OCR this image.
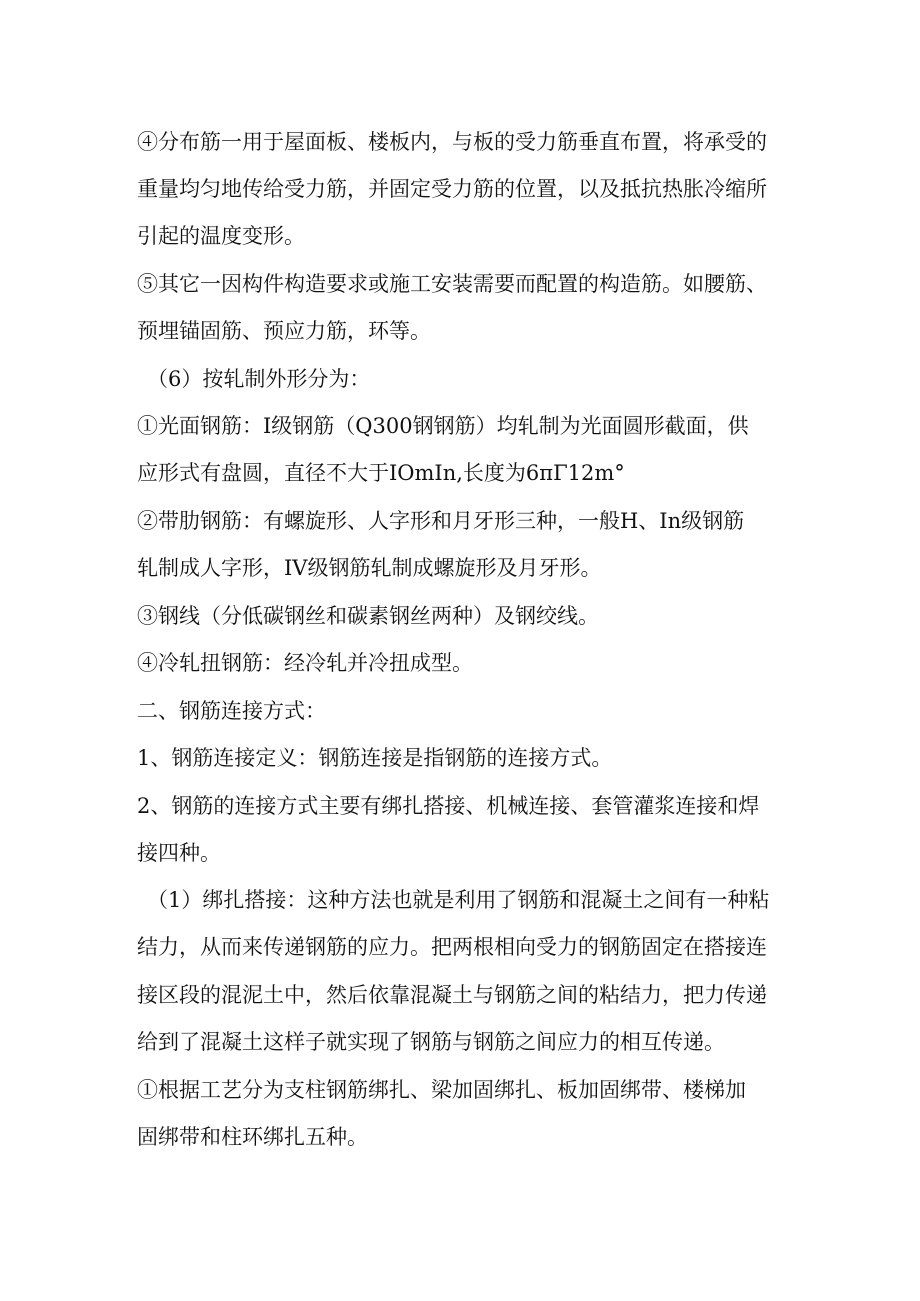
④分布筋一用于屋面板、楼板内，与板的受力筋垂直布置，将承受的
重量均匀地传给受力筋，并固定受力筋的位置，以及抵抗热胀冷缩所
引起的温度变形。
⑤其它一因构件构造要求或施工安装需要而配置的构造筋。如腰筋、
预埋锚固筋、预应力筋，环等。
（6）按轧制外形分为：
①光面钢筋：I级钢筋（Q300钢钢筋）均轧制为光面圆形截面，供
应形式有盘圆，直径不大于IOmIn,长度为6πΓ12m°
②带肋钢筋：有螺旋形、人字形和月牙形三种，一般H、In级钢筋
轧制成人字形，IV级钢筋轧制成螺旋形及月牙形。
③钢线（分低碳钢丝和碳素钢丝两种）及钢绞线。
④冷轧扭钢筋：经冷轧并冷扭成型。
二、钢筋连接方式：
1、钢筋连接定义：钢筋连接是指钢筋的连接方式。
2、钢筋的连接方式主要有绑扎搭接、机械连接、套管灌浆连接和焊
接四种。
（1）绑扎搭接：这种方法也就是利用了钢筋和混凝土之间有一种粘
结力，从而来传递钢筋的应力。把两根相向受力的钢筋固定在搭接连
接区段的混泥土中，然后依靠混凝土与钢筋之间的粘结力，把力传递
给到了混凝土这样子就实现了钢筋与钢筋之间应力的相互传递。
①根据工艺分为支柱钢筋绑扎、梁加固绑扎、板加固绑带、楼梯加
固绑带和柱环绑扎五种。
